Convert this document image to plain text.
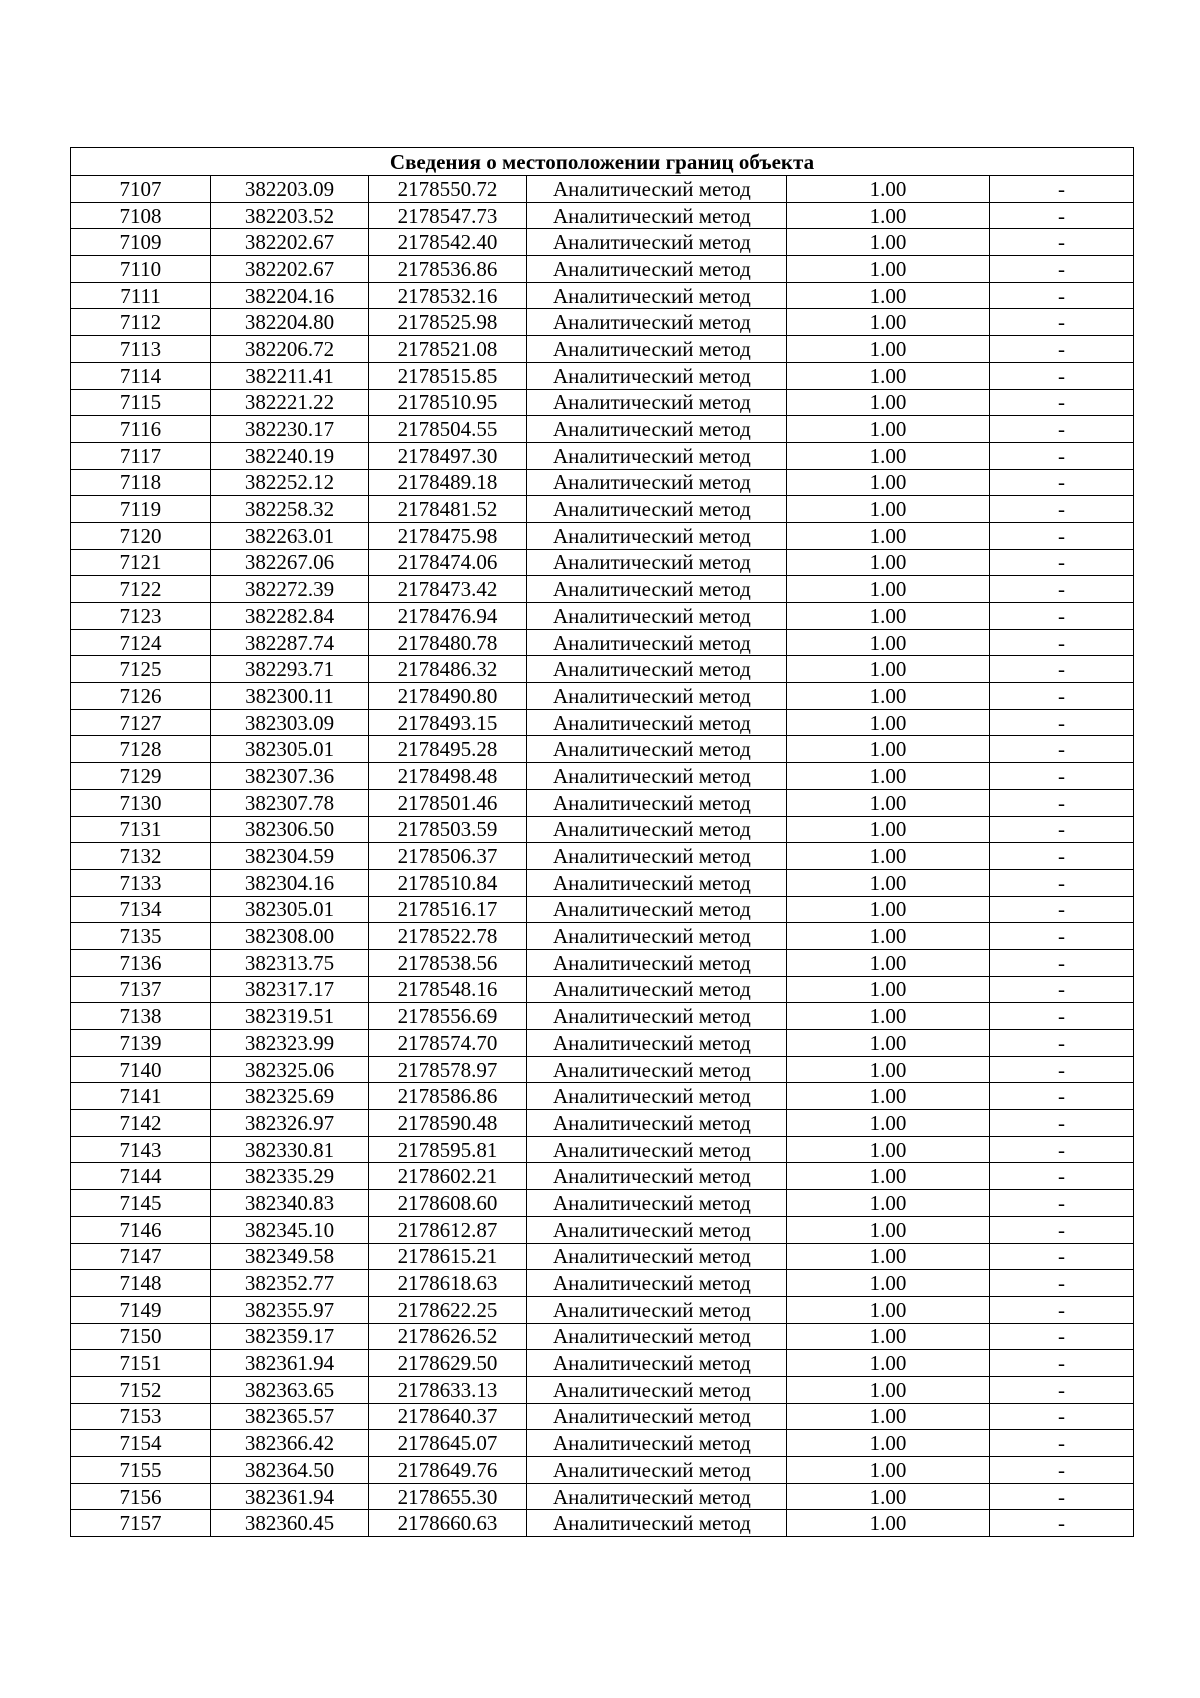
Сведения о местоположении границ объекта					
7107	382203.09	2178550.72	Аналитический метод	1.00	-
7108	382203.52	2178547.73	Аналитический метод	1.00	-
7109	382202.67	2178542.40	Аналитический метод	1.00	-
7110	382202.67	2178536.86	Аналитический метод	1.00	-
7111	382204.16	2178532.16	Аналитический метод	1.00	-
7112	382204.80	2178525.98	Аналитический метод	1.00	-
7113	382206.72	2178521.08	Аналитический метод	1.00	-
7114	382211.41	2178515.85	Аналитический метод	1.00	-
7115	382221.22	2178510.95	Аналитический метод	1.00	-
7116	382230.17	2178504.55	Аналитический метод	1.00	-
7117	382240.19	2178497.30	Аналитический метод	1.00	-
7118	382252.12	2178489.18	Аналитический метод	1.00	-
7119	382258.32	2178481.52	Аналитический метод	1.00	-
7120	382263.01	2178475.98	Аналитический метод	1.00	-
7121	382267.06	2178474.06	Аналитический метод	1.00	-
7122	382272.39	2178473.42	Аналитический метод	1.00	-
7123	382282.84	2178476.94	Аналитический метод	1.00	-
7124	382287.74	2178480.78	Аналитический метод	1.00	-
7125	382293.71	2178486.32	Аналитический метод	1.00	-
7126	382300.11	2178490.80	Аналитический метод	1.00	-
7127	382303.09	2178493.15	Аналитический метод	1.00	-
7128	382305.01	2178495.28	Аналитический метод	1.00	-
7129	382307.36	2178498.48	Аналитический метод	1.00	-
7130	382307.78	2178501.46	Аналитический метод	1.00	-
7131	382306.50	2178503.59	Аналитический метод	1.00	-
7132	382304.59	2178506.37	Аналитический метод	1.00	-
7133	382304.16	2178510.84	Аналитический метод	1.00	-
7134	382305.01	2178516.17	Аналитический метод	1.00	-
7135	382308.00	2178522.78	Аналитический метод	1.00	-
7136	382313.75	2178538.56	Аналитический метод	1.00	-
7137	382317.17	2178548.16	Аналитический метод	1.00	-
7138	382319.51	2178556.69	Аналитический метод	1.00	-
7139	382323.99	2178574.70	Аналитический метод	1.00	-
7140	382325.06	2178578.97	Аналитический метод	1.00	-
7141	382325.69	2178586.86	Аналитический метод	1.00	-
7142	382326.97	2178590.48	Аналитический метод	1.00	-
7143	382330.81	2178595.81	Аналитический метод	1.00	-
7144	382335.29	2178602.21	Аналитический метод	1.00	-
7145	382340.83	2178608.60	Аналитический метод	1.00	-
7146	382345.10	2178612.87	Аналитический метод	1.00	-
7147	382349.58	2178615.21	Аналитический метод	1.00	-
7148	382352.77	2178618.63	Аналитический метод	1.00	-
7149	382355.97	2178622.25	Аналитический метод	1.00	-
7150	382359.17	2178626.52	Аналитический метод	1.00	-
7151	382361.94	2178629.50	Аналитический метод	1.00	-
7152	382363.65	2178633.13	Аналитический метод	1.00	-
7153	382365.57	2178640.37	Аналитический метод	1.00	-
7154	382366.42	2178645.07	Аналитический метод	1.00	-
7155	382364.50	2178649.76	Аналитический метод	1.00	-
7156	382361.94	2178655.30	Аналитический метод	1.00	-
7157	382360.45	2178660.63	Аналитический метод	1.00	-
